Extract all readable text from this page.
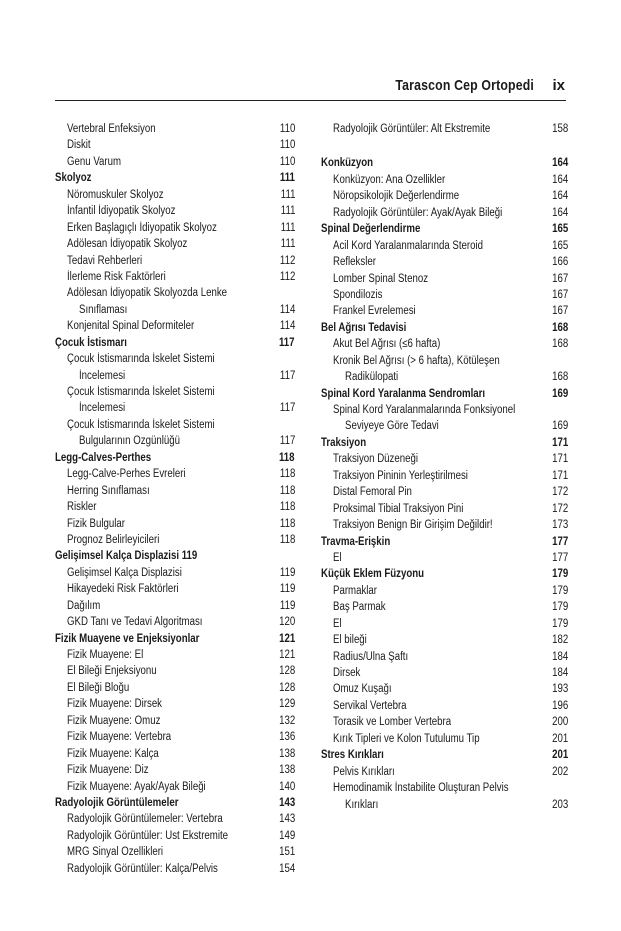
Tarascon Cep Ortopedi ix
Vertebral Enfeksiyon	110
Diskit	110
Genu Varum	110
Skolyoz	111
Nöromuskuler Skolyoz	111
İnfantil İdiyopatik Skolyoz	111
Erken Başlagıçlı İdiyopatik Skolyoz	111
Adölesan İdiyopatik Skolyoz	111
Tedavi Rehberleri	112
İlerleme Risk Faktörleri	112
Adölesan İdiyopatik Skolyozda Lenke
Sınıflaması	114
Konjenital Spinal Deformiteler	114
Çocuk İstismarı	117
Çocuk İstismarında İskelet Sistemi
İncelemesi	117
Çocuk İstismarında İskelet Sistemi
İncelemesi	117
Çocuk İstismarında İskelet Sistemi
Bulgularının Özgünlüğü	117
Legg-Calves-Perthes	118
Legg-Calve-Perhes Evreleri	118
Herring Sınıflaması	118
Riskler	118
Fizik Bulgular	118
Prognoz Belirleyicileri	118
Gelişimsel Kalça Displazisi 119
Gelişimsel Kalça Displazisi	119
Hikayedeki Risk Faktörleri	119
Dağılım	119
GKD Tanı ve Tedavi Algoritması	120
Fizik Muayene ve Enjeksiyonlar	121
Fizik Muayene: El	121
El Bileği Enjeksiyonu	128
El Bileği Bloğu	128
Fizik Muayene: Dirsek	129
Fizik Muayene: Omuz	132
Fizik Muayene: Vertebra	136
Fizik Muayene: Kalça	138
Fizik Muayene: Diz	138
Fizik Muayene: Ayak/Ayak Bileği	140
Radyolojik Görüntülemeler	143
Radyolojik Görüntülemeler: Vertebra	143
Radyolojik Görüntüler: Üst Ekstremite	149
MRG Sinyal Özellikleri	151
Radyolojik Görüntüler: Kalça/Pelvis	154
Radyolojik Görüntüler: Alt Ekstremite	158
Konküzyon	164
Konküzyon: Ana Özellikler	164
Nöropsikolojik Değerlendirme	164
Radyolojik Görüntüler: Ayak/Ayak Bileği	164
Spinal Değerlendirme	165
Acil Kord Yaralanmalarında Steroid	165
Refleksler	166
Lomber Spinal Stenoz	167
Spondilozis	167
Frankel Evrelemesi	167
Bel Ağrısı Tedavisi	168
Akut Bel Ağrısı (≤6 hafta)	168
Kronik Bel Ağrısı (> 6 hafta), Kötüleşen
Radikülopati	168
Spinal Kord Yaralanma Sendromları	169
Spinal Kord Yaralanmalarında Fonksiyonel
Seviyeye Göre Tedavi	169
Traksiyon	171
Traksiyon Düzeneği	171
Traksiyon Pininin Yerleştirilmesi	171
Distal Femoral Pin	172
Proksimal Tibial Traksiyon Pini	172
Traksiyon Benign Bir Girişim Değildir!	173
Travma-Erişkin	177
El	177
Küçük Eklem Füzyonu	179
Parmaklar	179
Baş Parmak	179
El	179
El bileği	182
Radius/Ulna Şaftı	184
Dirsek	184
Omuz Kuşağı	193
Servikal Vertebra	196
Torasik ve Lomber Vertebra	200
Kırık Tipleri ve Kolon Tutulumu Tip	201
Stres Kırıkları	201
Pelvis Kırıkları	202
Hemodinamik İnstabilite Oluşturan Pelvis
Kırıkları	203
